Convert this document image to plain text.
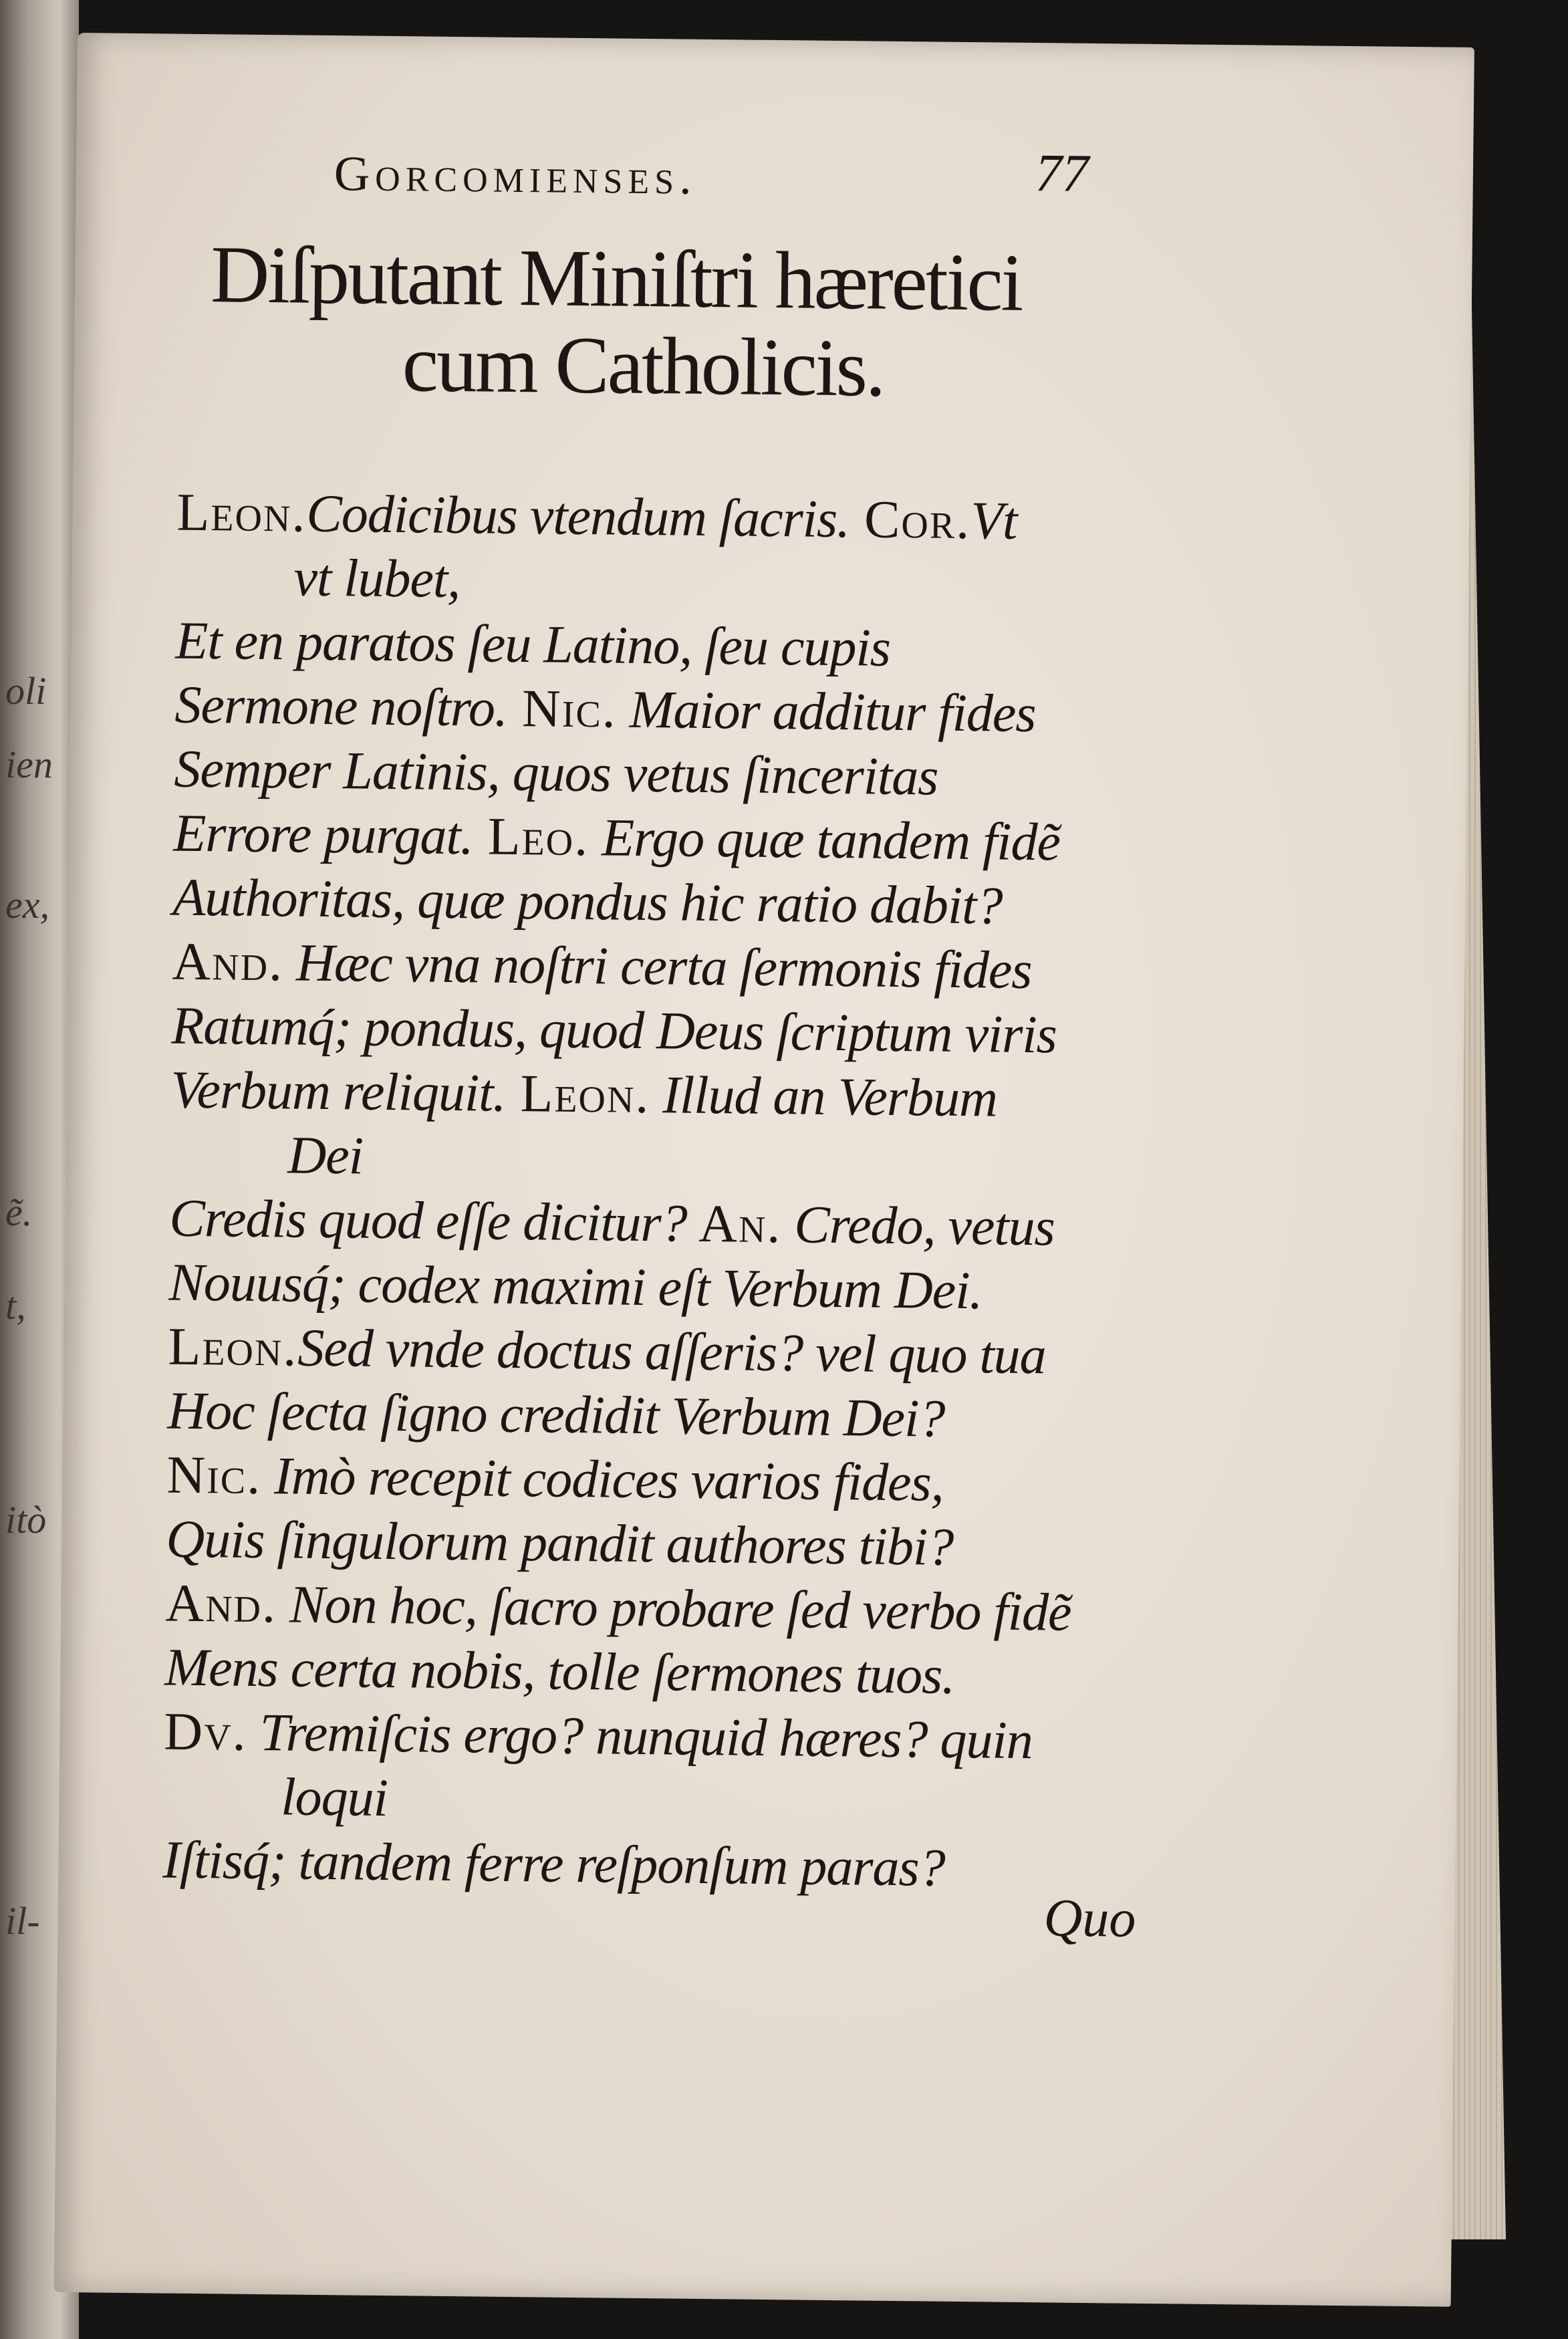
oli
ien
ex,
ẽ.
t,
itò
il-
Gorcomienses.	77
Diſputant Miniſtri hæretici
cum Catholicis.
Leon.Codicibus vtendum ſacris. Cor.Vt
vt lubet,
Et en paratos ſeu Latino, ſeu cupis
Sermone noſtro. Nic. Maior additur fides
Semper Latinis, quos vetus ſinceritas
Errore purgat. Leo. Ergo quæ tandem fidẽ
Authoritas, quæ pondus hic ratio dabit?
And. Hæc vna noſtri certa ſermonis fides
Ratumq́; pondus, quod Deus ſcriptum viris
Verbum reliquit. Leon. Illud an Verbum
Dei
Credis quod eſſe dicitur? An. Credo, vetus
Nouusq́; codex maximi eſt Verbum Dei.
Leon.Sed vnde doctus aſſeris? vel quo tua
Hoc ſecta ſigno credidit Verbum Dei?
Nic. Imò recepit codices varios fides,
Quis ſingulorum pandit authores tibi?
And. Non hoc, ſacro probare ſed verbo fidẽ
Mens certa nobis, tolle ſermones tuos.
Dv. Tremiſcis ergo? nunquid hæres? quin
loqui
Iſtisq́; tandem ferre reſponſum paras?
Quo
